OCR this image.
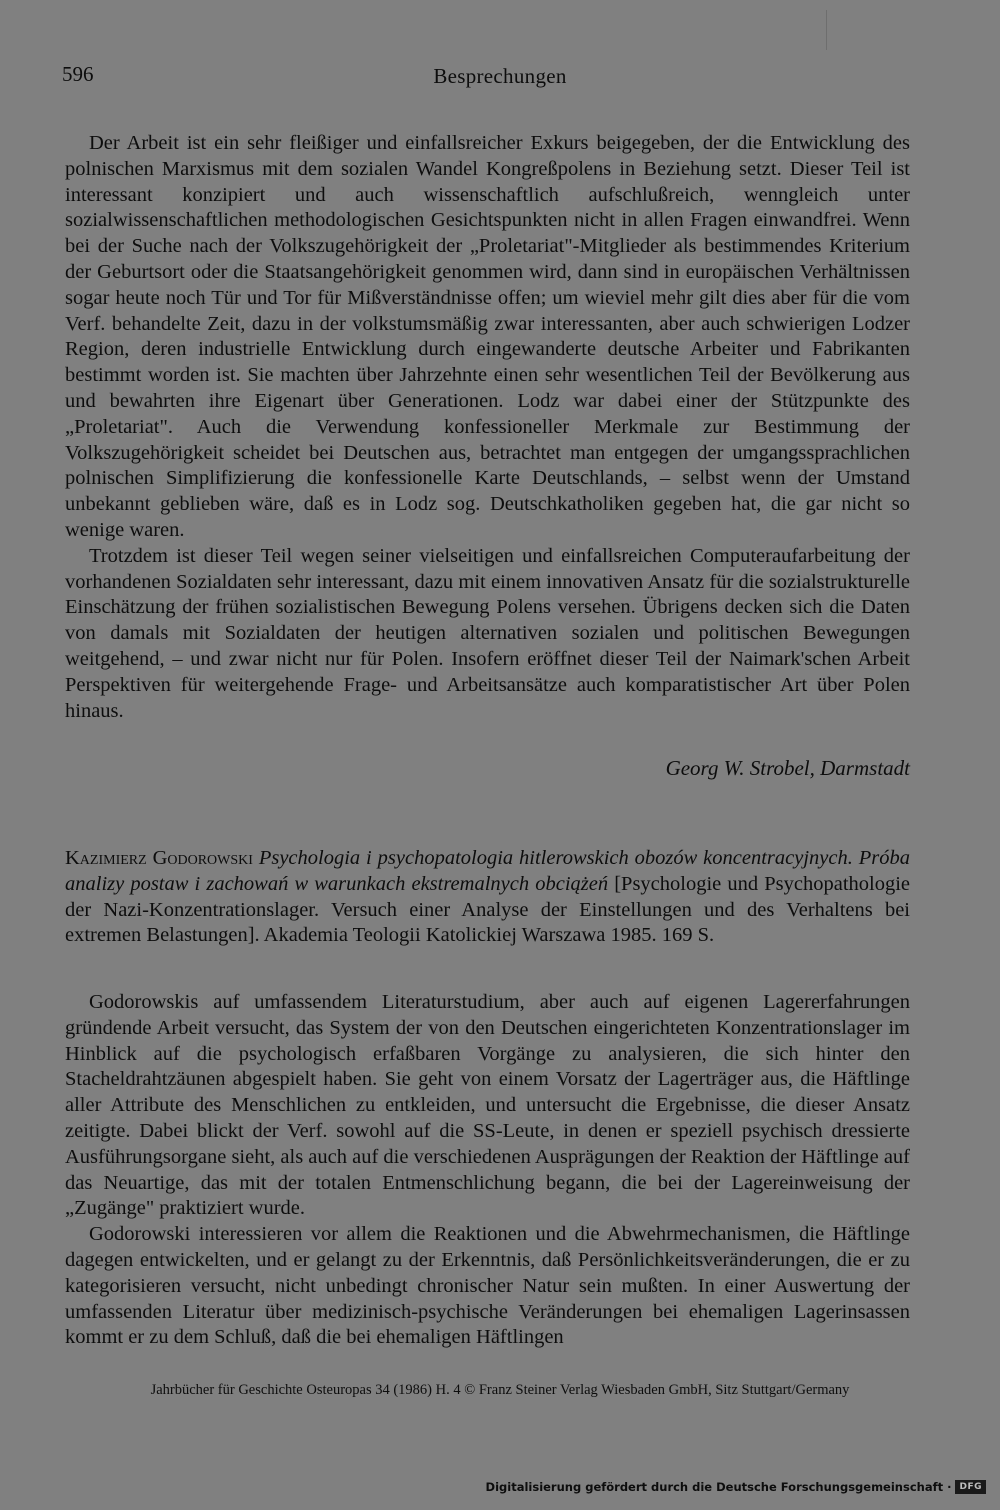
596	Besprechungen

Der Arbeit ist ein sehr fleißiger und einfallsreicher Exkurs beigegeben, der die Entwicklung des polnischen Marxismus mit dem sozialen Wandel Kongreßpolens in Beziehung setzt. Dieser Teil ist interessant konzipiert und auch wissenschaftlich aufschlußreich, wenngleich unter sozialwissenschaftlichen methodologischen Gesichtspunkten nicht in allen Fragen einwandfrei. Wenn bei der Suche nach der Volkszugehörigkeit der „Proletariat"-Mitglieder als bestimmendes Kriterium der Geburtsort oder die Staatsangehörigkeit genommen wird, dann sind in europäischen Verhältnissen sogar heute noch Tür und Tor für Mißverständnisse offen; um wieviel mehr gilt dies aber für die vom Verf. behandelte Zeit, dazu in der volkstumsmäßig zwar interessanten, aber auch schwierigen Lodzer Region, deren industrielle Entwicklung durch eingewanderte deutsche Arbeiter und Fabrikanten bestimmt worden ist. Sie machten über Jahrzehnte einen sehr wesentlichen Teil der Bevölkerung aus und bewahrten ihre Eigenart über Generationen. Lodz war dabei einer der Stützpunkte des „Proletariat". Auch die Verwendung konfessioneller Merkmale zur Bestimmung der Volkszugehörigkeit scheidet bei Deutschen aus, betrachtet man entgegen der umgangssprachlichen polnischen Simplifizierung die konfessionelle Karte Deutschlands, – selbst wenn der Umstand unbekannt geblieben wäre, daß es in Lodz sog. Deutschkatholiken gegeben hat, die gar nicht so wenige waren.

Trotzdem ist dieser Teil wegen seiner vielseitigen und einfallsreichen Computeraufarbeitung der vorhandenen Sozialdaten sehr interessant, dazu mit einem innovativen Ansatz für die sozialstrukturelle Einschätzung der frühen sozialistischen Bewegung Polens versehen. Übrigens decken sich die Daten von damals mit Sozialdaten der heutigen alternativen sozialen und politischen Bewegungen weitgehend, – und zwar nicht nur für Polen. Insofern eröffnet dieser Teil der Naimark'schen Arbeit Perspektiven für weitergehende Frage- und Arbeitsansätze auch komparatistischer Art über Polen hinaus.

Georg W. Strobel, Darmstadt

Kazimierz Godorowski Psychologia i psychopatologia hitlerowskich obozów koncentracyjnych. Próba analizy postaw i zachowań w warunkach ekstremalnych obciążeń [Psychologie und Psychopathologie der Nazi-Konzentrationslager. Versuch einer Analyse der Einstellungen und des Verhaltens bei extremen Belastungen]. Akademia Teologii Katolickiej Warszawa 1985. 169 S.

Godorowskis auf umfassendem Literaturstudium, aber auch auf eigenen Lagererfahrungen gründende Arbeit versucht, das System der von den Deutschen eingerichteten Konzentrationslager im Hinblick auf die psychologisch erfaßbaren Vorgänge zu analysieren, die sich hinter den Stacheldrahtzäunen abgespielt haben. Sie geht von einem Vorsatz der Lagerträger aus, die Häftlinge aller Attribute des Menschlichen zu entkleiden, und untersucht die Ergebnisse, die dieser Ansatz zeitigte. Dabei blickt der Verf. sowohl auf die SS-Leute, in denen er speziell psychisch dressierte Ausführungsorgane sieht, als auch auf die verschiedenen Ausprägungen der Reaktion der Häftlinge auf das Neuartige, das mit der totalen Entmenschlichung begann, die bei der Lagereinweisung der „Zugänge" praktiziert wurde.

Godorowski interessieren vor allem die Reaktionen und die Abwehrmechanismen, die Häftlinge dagegen entwickelten, und er gelangt zu der Erkenntnis, daß Persönlichkeitsveränderungen, die er zu kategorisieren versucht, nicht unbedingt chronischer Natur sein mußten. In einer Auswertung der umfassenden Literatur über medizinisch-psychische Veränderungen bei ehemaligen Lagerinsassen kommt er zu dem Schluß, daß die bei ehemaligen Häftlingen

Jahrbücher für Geschichte Osteuropas 34 (1986) H. 4 © Franz Steiner Verlag Wiesbaden GmbH, Sitz Stuttgart/Germany
Digitalisierung gefördert durch die Deutsche Forschungsgemeinschaft · DFG
